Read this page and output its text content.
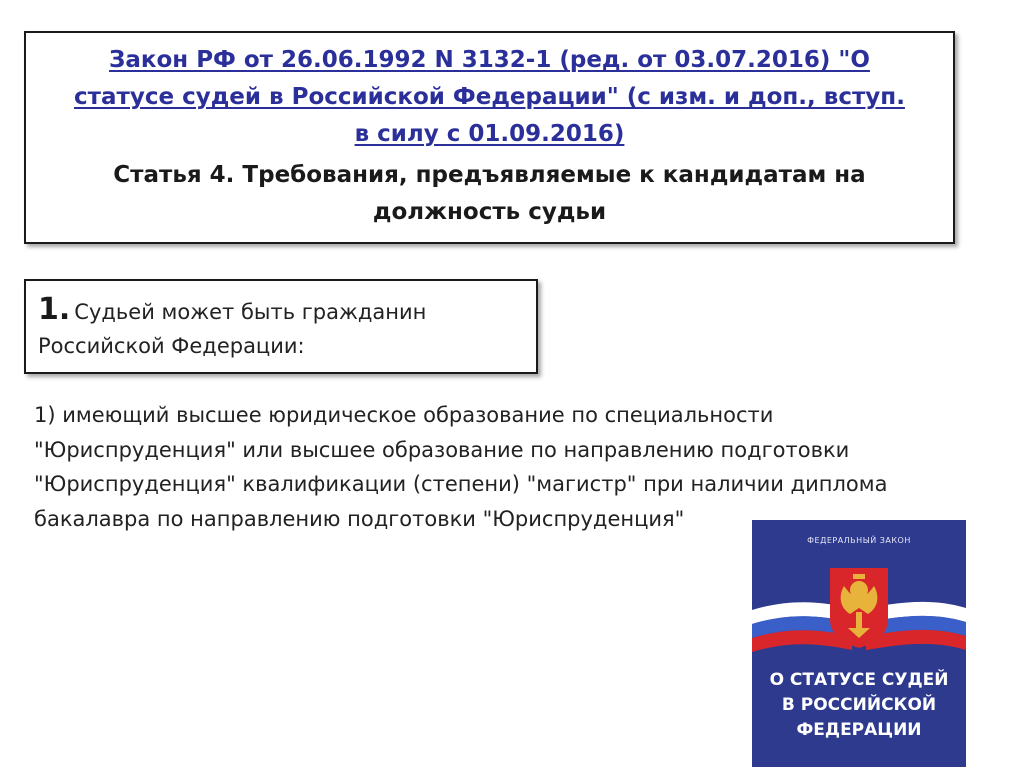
Закон РФ от 26.06.1992 N 3132-1 (ред. от 03.07.2016) "О
статусе судей в Российской Федерации" (с изм. и доп., вступ.
в силу с 01.09.2016)
Статья 4. Требования, предъявляемые к кандидатам на
должность судьи
1. Судьей может быть гражданин
Российской Федерации:
1) имеющий высшее юридическое образование по специальности
"Юриспруденция" или высшее образование по направлению подготовки
"Юриспруденция" квалификации (степени) "магистр" при наличии диплома
бакалавра по направлению подготовки "Юриспруденция"
ФЕДЕРАЛЬНЫЙ ЗАКОН
О СТАТУСЕ СУДЕЙ
В РОССИЙСКОЙ
ФЕДЕРАЦИИ
